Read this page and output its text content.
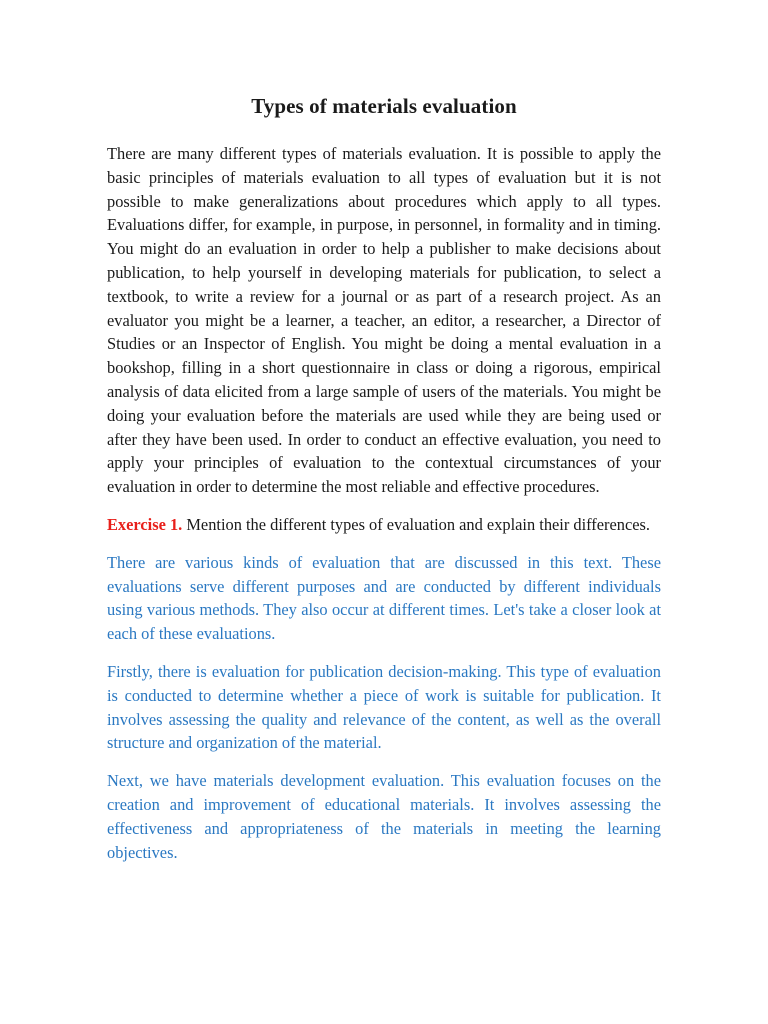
Types of materials evaluation

There are many different types of materials evaluation. It is possible to apply the basic principles of materials evaluation to all types of evaluation but it is not possible to make generalizations about procedures which apply to all types. Evaluations differ, for example, in purpose, in personnel, in formality and in timing. You might do an evaluation in order to help a publisher to make decisions about publication, to help yourself in developing materials for publication, to select a textbook, to write a review for a journal or as part of a research project. As an evaluator you might be a learner, a teacher, an editor, a researcher, a Director of Studies or an Inspector of English. You might be doing a mental evaluation in a bookshop, filling in a short questionnaire in class or doing a rigorous, empirical analysis of data elicited from a large sample of users of the materials. You might be doing your evaluation before the materials are used while they are being used or after they have been used. In order to conduct an effective evaluation, you need to apply your principles of evaluation to the contextual circumstances of your evaluation in order to determine the most reliable and effective procedures.

Exercise 1. Mention the different types of evaluation and explain their differences.

There are various kinds of evaluation that are discussed in this text. These evaluations serve different purposes and are conducted by different individuals using various methods. They also occur at different times. Let's take a closer look at each of these evaluations.

Firstly, there is evaluation for publication decision-making. This type of evaluation is conducted to determine whether a piece of work is suitable for publication. It involves assessing the quality and relevance of the content, as well as the overall structure and organization of the material.

Next, we have materials development evaluation. This evaluation focuses on the creation and improvement of educational materials. It involves assessing the effectiveness and appropriateness of the materials in meeting the learning objectives.
